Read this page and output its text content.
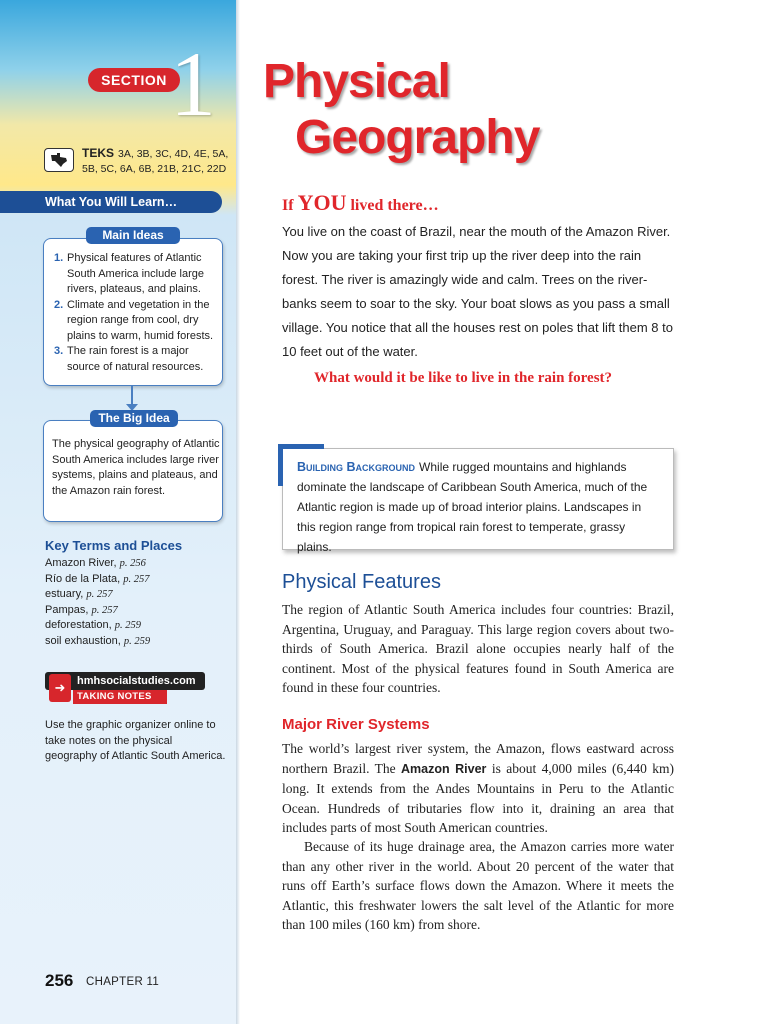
SECTION 1
TEKS 3A, 3B, 3C, 4D, 4E, 5A, 5B, 5C, 6A, 6B, 21B, 21C, 22D
What You Will Learn…
Main Ideas
1. Physical features of Atlantic South America include large rivers, plateaus, and plains.
2. Climate and vegetation in the region range from cool, dry plains to warm, humid forests.
3. The rain forest is a major source of natural resources.
The Big Idea
The physical geography of Atlantic South America includes large river systems, plains and plateaus, and the Amazon rain forest.
Key Terms and Places
Amazon River, p. 256
Río de la Plata, p. 257
estuary, p. 257
Pampas, p. 257
deforestation, p. 259
soil exhaustion, p. 259
hmhsocialstudies.com
TAKING NOTES
➜
Use the graphic organizer online to take notes on the physical geography of Atlantic South America.
256 CHAPTER 11
Physical
Geography
If YOU lived there…
You live on the coast of Brazil, near the mouth of the Amazon River. Now you are taking your first trip up the river deep into the rain forest. The river is amazingly wide and calm. Trees on the river-banks seem to soar to the sky. Your boat slows as you pass a small village. You notice that all the houses rest on poles that lift them 8 to 10 feet out of the water.
What would it be like to live in the rain forest?
Building Background While rugged mountains and highlands dominate the landscape of Caribbean South America, much of the Atlantic region is made up of broad interior plains. Landscapes in this region range from tropical rain forest to temperate, grassy plains.
Physical Features
The region of Atlantic South America includes four countries: Brazil, Argentina, Uruguay, and Paraguay. This large region covers about two-thirds of South America. Brazil alone occupies nearly half of the continent. Most of the physical features found in South America are found in these four countries.
Major River Systems
The world’s largest river system, the Amazon, flows eastward across northern Brazil. The Amazon River is about 4,000 miles (6,440 km) long. It extends from the Andes Mountains in Peru to the Atlantic Ocean. Hundreds of tributaries flow into it, draining an area that includes parts of most South American countries.
Because of its huge drainage area, the Amazon carries more water than any other river in the world. About 20 percent of the water that runs off Earth’s surface flows down the Amazon. Where it meets the Atlantic, this freshwater lowers the salt level of the Atlantic for more than 100 miles (160 km) from shore.
